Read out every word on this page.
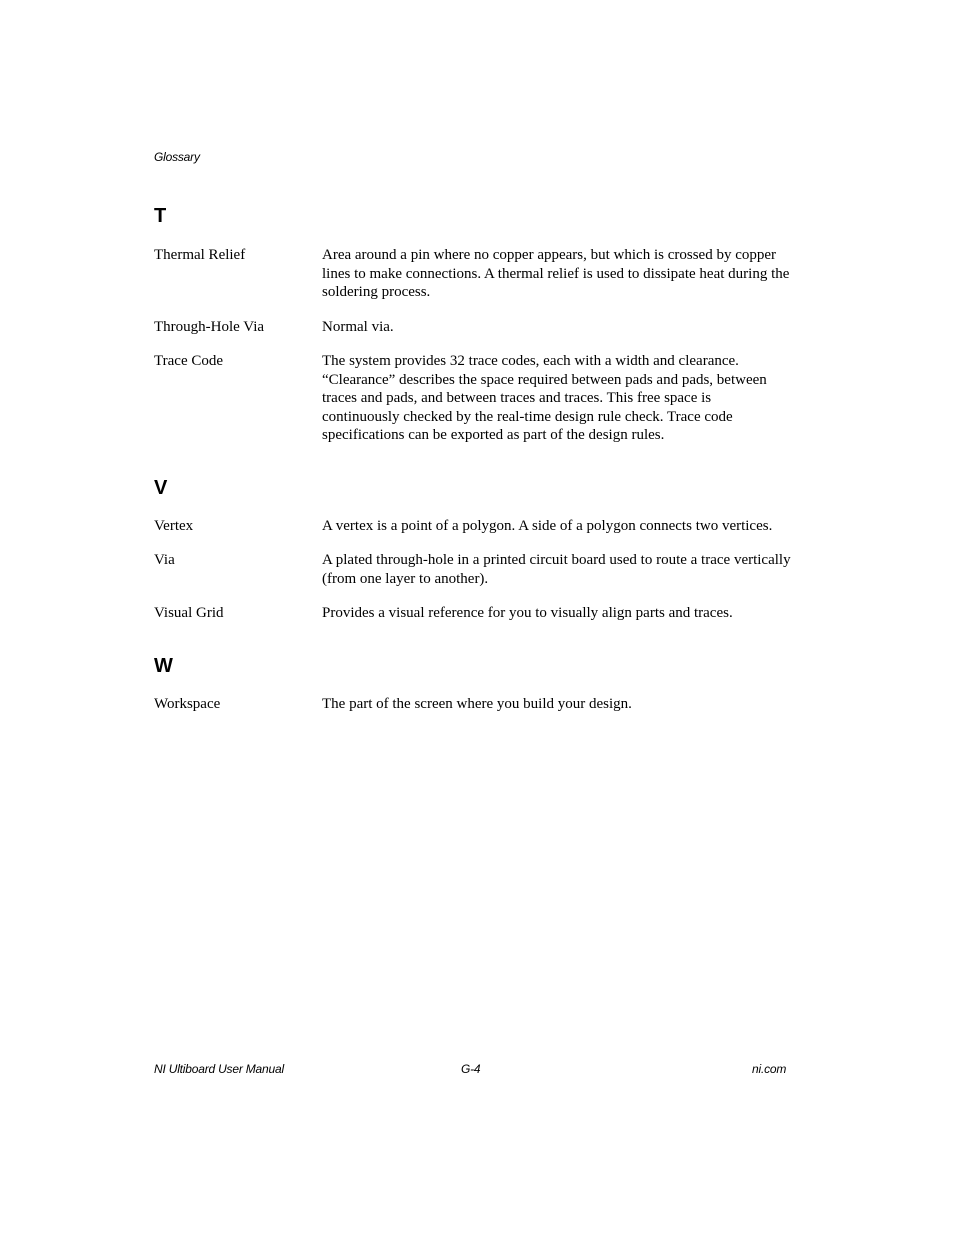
Glossary
T
Thermal Relief	Area around a pin where no copper appears, but which is crossed by copper lines to make connections. A thermal relief is used to dissipate heat during the soldering process.
Through-Hole Via	Normal via.
Trace Code	The system provides 32 trace codes, each with a width and clearance. “Clearance” describes the space required between pads and pads, between traces and pads, and between traces and traces. This free space is continuously checked by the real-time design rule check. Trace code specifications can be exported as part of the design rules.
V
Vertex	A vertex is a point of a polygon. A side of a polygon connects two vertices.
Via	A plated through-hole in a printed circuit board used to route a trace vertically (from one layer to another).
Visual Grid	Provides a visual reference for you to visually align parts and traces.
W
Workspace	The part of the screen where you build your design.
NI Ultiboard User Manual	G-4	ni.com
